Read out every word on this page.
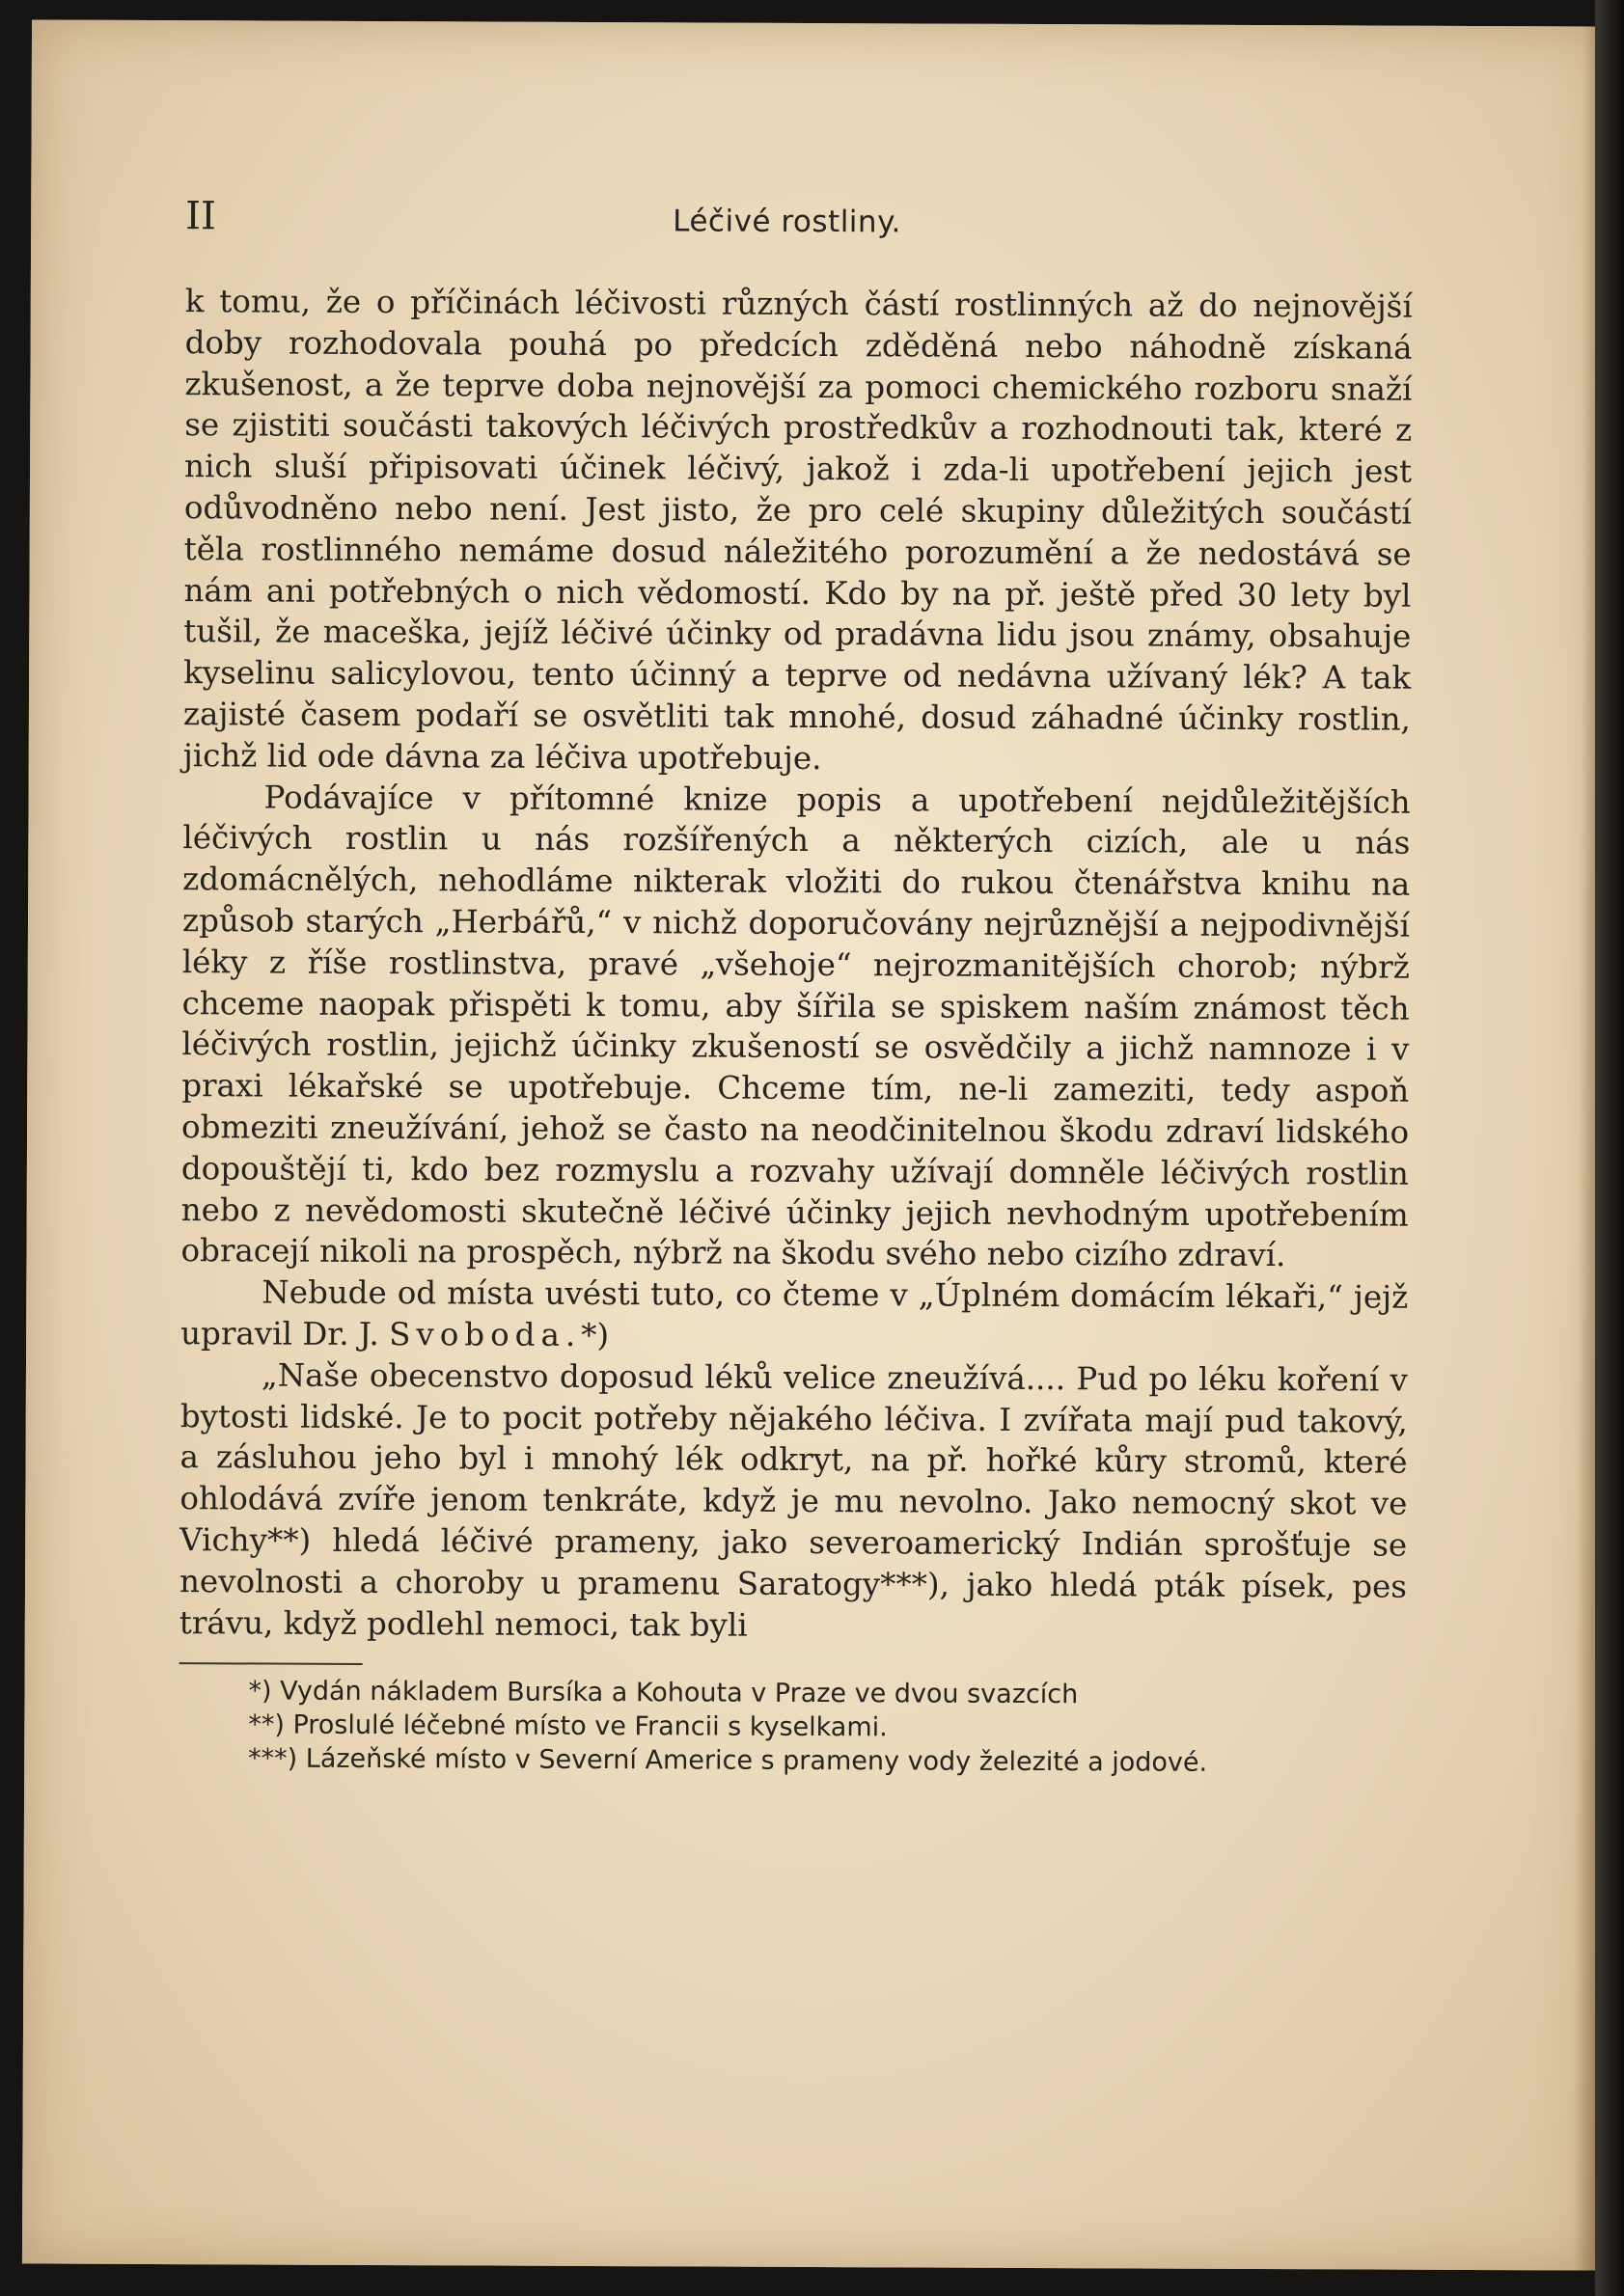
II	Léčivé rostliny.

k tomu, že o příčinách léčivosti různých částí rostlinných až do nejnovější doby rozhodovala pouhá po předcích zděděná nebo náhodně získaná zkušenost, a že teprve doba nejnovější za pomoci chemického rozboru snaží se zjistiti součásti takových léčivých prostředkův a rozhodnouti tak, které z nich sluší připisovati účinek léčivý, jakož i zda-li upotřebení jejich jest odůvodněno nebo není. Jest jisto, že pro celé skupiny důležitých součástí těla rostlinného nemáme dosud náležitého porozumění a že nedostává se nám ani potřebných o nich vědomostí. Kdo by na př. ještě před 30 lety byl tušil, že maceška, jejíž léčivé účinky od pradávna lidu jsou známy, obsahuje kyselinu salicylovou, tento účinný a teprve od nedávna užívaný lék? A tak zajisté časem podaří se osvětliti tak mnohé, dosud záhadné účinky rostlin, jichž lid ode dávna za léčiva upotřebuje.

Podávajíce v přítomné knize popis a upotřebení nejdůležitějších léčivých rostlin u nás rozšířených a některých cizích, ale u nás zdomácnělých, nehodláme nikterak vložiti do rukou čtenářstva knihu na způsob starých „Herbářů,“ v nichž doporučovány nejrůznější a nejpodivnější léky z říše rostlinstva, pravé „všehoje“ nejrozmanitějších chorob; nýbrž chceme naopak přispěti k tomu, aby šířila se spiskem naším známost těch léčivých rostlin, jejichž účinky zkušeností se osvědčily a jichž namnoze i v praxi lékařské se upotřebuje. Chceme tím, ne-li zameziti, tedy aspoň obmeziti zneužívání, jehož se často na neodčinitelnou škodu zdraví lidského dopouštějí ti, kdo bez rozmyslu a rozvahy užívají domněle léčivých rostlin nebo z nevědomosti skutečně léčivé účinky jejich nevhodným upotřebením obracejí nikoli na prospěch, nýbrž na škodu svého nebo cizího zdraví.

Nebude od místa uvésti tuto, co čteme v „Úplném domácím lékaři,“ jejž upravil Dr. J. Svoboda.*)

„Naše obecenstvo doposud léků velice zneužívá.... Pud po léku koření v bytosti lidské. Je to pocit potřeby nějakého léčiva. I zvířata mají pud takový, a zásluhou jeho byl i mnohý lék odkryt, na př. hořké kůry stromů, které ohlodává zvíře jenom tenkráte, když je mu nevolno. Jako nemocný skot ve Vichy**) hledá léčivé prameny, jako severoamerický Indián sprošťuje se nevolnosti a choroby u pramenu Saratogy***), jako hledá pták písek, pes trávu, když podlehl nemoci, tak byli

*) Vydán nákladem Bursíka a Kohouta v Praze ve dvou svazcích

**) Proslulé léčebné místo ve Francii s kyselkami.

***) Lázeňské místo v Severní Americe s prameny vody železité a jodové.
